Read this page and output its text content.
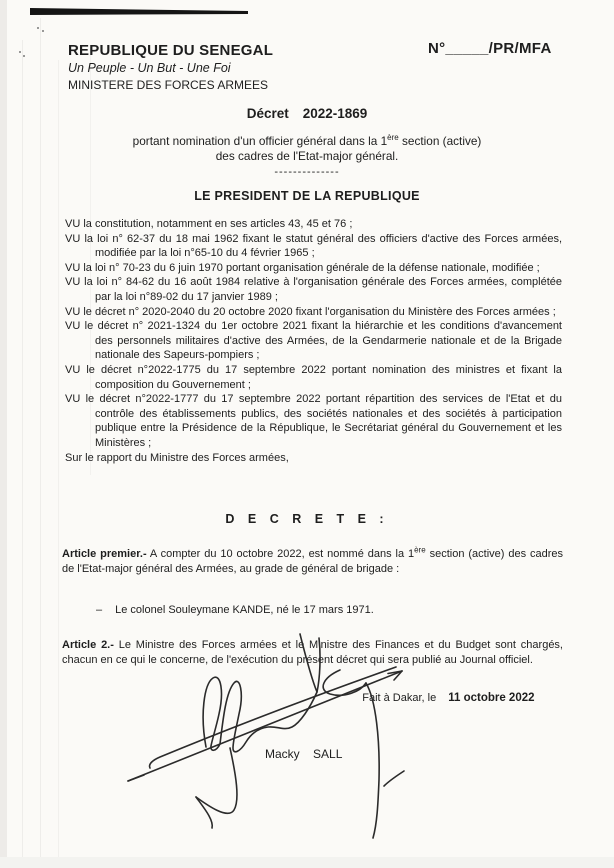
REPUBLIQUE DU SENEGAL
Un Peuple - Un But - Une Foi
MINISTERE DES FORCES ARMEES
N°_____/PR/MFA
Décret 2022-1869
portant nomination d'un officier général dans la 1ère section (active)
des cadres de l'Etat-major général.
--------------
LE PRESIDENT DE LA REPUBLIQUE

VU la constitution, notamment en ses articles 43, 45 et 76 ;

VU la loi n° 62-37 du 18 mai 1962 fixant le statut général des officiers d'active des Forces armées, modifiée par la loi n°65-10 du 4 février 1965 ;

VU la loi n° 70-23 du 6 juin 1970 portant organisation générale de la défense nationale, modifiée ;

VU la loi n° 84-62 du 16 août 1984 relative à l'organisation générale des Forces armées, complétée par la loi n°89-02 du 17 janvier 1989 ;

VU le décret n° 2020-2040 du 20 octobre 2020 fixant l'organisation du Ministère des Forces armées ;

VU le décret n° 2021-1324 du 1er octobre 2021 fixant la hiérarchie et les conditions d'avancement des personnels militaires d'active des Armées, de la Gendarmerie nationale et de la Brigade nationale des Sapeurs-pompiers ;

VU le décret n°2022-1775 du 17 septembre 2022 portant nomination des ministres et fixant la composition du Gouvernement ;

VU le décret n°2022-1777 du 17 septembre 2022 portant répartition des services de l'Etat et du contrôle des établissements publics, des sociétés nationales et des sociétés à participation publique entre la Présidence de la République, le Secrétariat général du Gouvernement et les Ministères ;

Sur le rapport du Ministre des Forces armées,

D E C R E T E :
Article premier.- A compter du 10 octobre 2022, est nommé dans la 1ère section (active) des cadres de l'Etat-major général des Armées, au grade de général de brigade :
– Le colonel Souleymane KANDE, né le 17 mars 1971.
Article 2.- Le Ministre des Forces armées et le Ministre des Finances et du Budget sont chargés, chacun en ce qui le concerne, de l'exécution du présent décret qui sera publié au Journal officiel.

Fait à Dakar, le 11 octobre 2022

Macky    SALL
